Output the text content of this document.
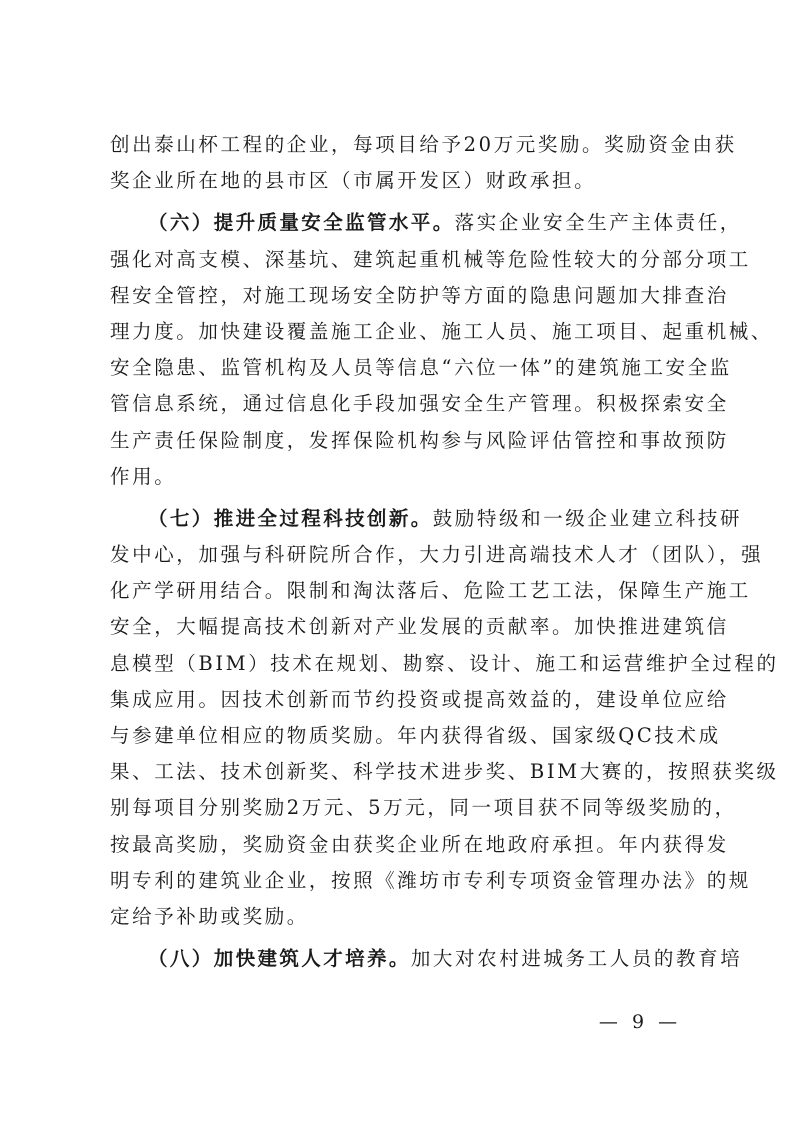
创出泰山杯工程的企业，每项目给予20万元奖励。奖励资金由获
奖企业所在地的县市区（市属开发区）财政承担。
（六）提升质量安全监管水平。落实企业安全生产主体责任，
强化对高支模、深基坑、建筑起重机械等危险性较大的分部分项工
程安全管控，对施工现场安全防护等方面的隐患问题加大排查治
理力度。加快建设覆盖施工企业、施工人员、施工项目、起重机械、
安全隐患、监管机构及人员等信息“六位一体”的建筑施工安全监
管信息系统，通过信息化手段加强安全生产管理。积极探索安全
生产责任保险制度，发挥保险机构参与风险评估管控和事故预防
作用。
（七）推进全过程科技创新。鼓励特级和一级企业建立科技研
发中心，加强与科研院所合作，大力引进高端技术人才（团队），强
化产学研用结合。限制和淘汰落后、危险工艺工法，保障生产施工
安全，大幅提高技术创新对产业发展的贡献率。加快推进建筑信
息模型（BIM）技术在规划、勘察、设计、施工和运营维护全过程的
集成应用。因技术创新而节约投资或提高效益的，建设单位应给
与参建单位相应的物质奖励。年内获得省级、国家级QC技术成
果、工法、技术创新奖、科学技术进步奖、BIM大赛的，按照获奖级
别每项目分别奖励2万元、5万元，同一项目获不同等级奖励的，
按最高奖励，奖励资金由获奖企业所在地政府承担。年内获得发
明专利的建筑业企业，按照《潍坊市专利专项资金管理办法》的规
定给予补助或奖励。
（八）加快建筑人才培养。加大对农村进城务工人员的教育培
— 9 —
